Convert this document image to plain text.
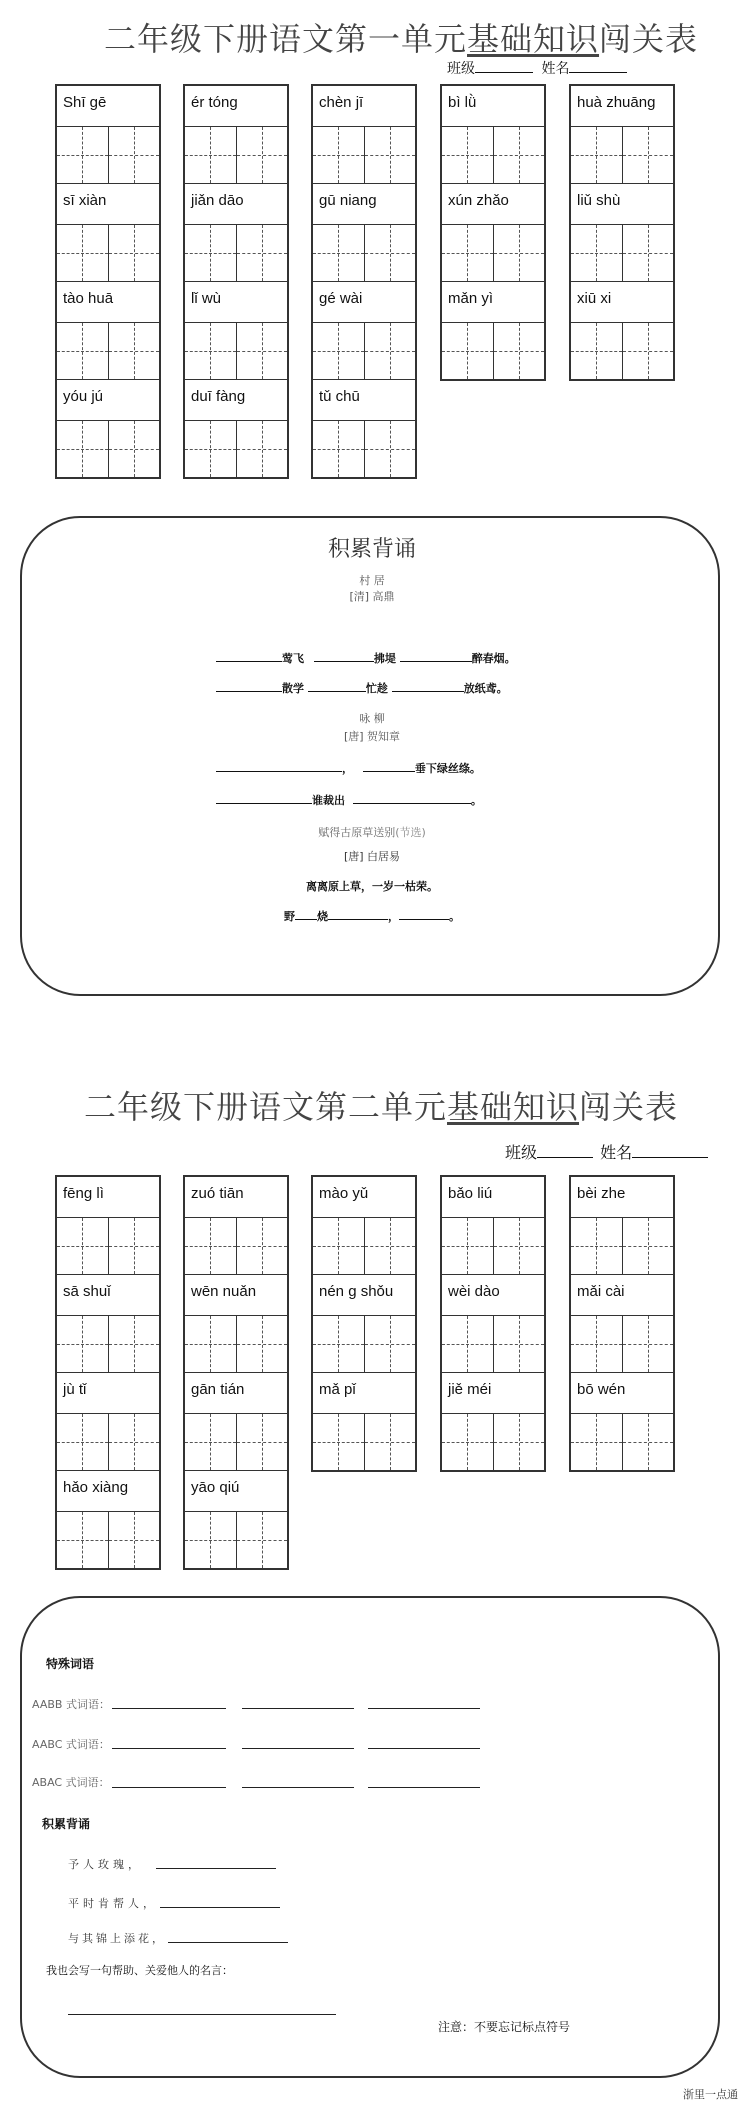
二年级下册语文第一单元基础知识闯关表
班级	姓名
Shī gē
sī xiàn
tào huā
yóu jú
ér tóng
jiǎn dāo
lǐ wù
duī fàng
chèn jī
gū niang
gé wài
tǔ chū
bì lǜ
xún zhǎo
mǎn yì
huà zhuāng
liǔ shù
xiū xi
积累背诵
村 居
[清] 高鼎
莺飞	拂堤	醉春烟。
散学	忙趁	放纸鸢。
咏 柳
[唐] 贺知章
，	垂下绿丝绦。
谁裁出	。
赋得古原草送别(节选)
[唐] 白居易
离离原上草，一岁一枯荣。
野 烧	，	。
二年级下册语文第二单元基础知识闯关表
班级	姓名
fēng lì
sā shuǐ
jù tǐ
hǎo xiàng
zuó tiān
wēn nuǎn
gān tián
yāo qiú
mào yǔ
nén g shǒu
mǎ pǐ
bǎo liú
wèi dào
jiě méi
bèi zhe
mǎi cài
bō wén
特殊词语
AABB 式词语：
AABC 式词语：
ABAC 式词语：
积累背诵
予人玫瑰，
平时肯帮人，
与其锦上添花，
我也会写一句帮助、关爱他人的名言：
注意：不要忘记标点符号
浙里一点通
